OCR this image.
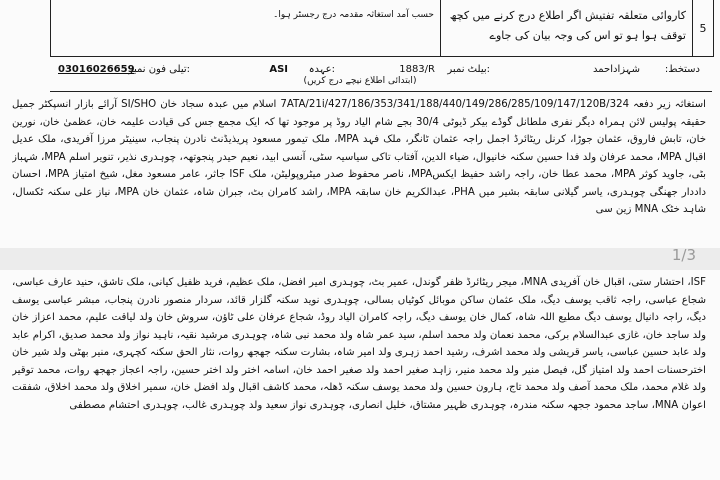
5
کاروائی متعلقہ تفتیش اگر اطلاع درج کرنے میں کچھ توقف ہوا ہو تو اس کی وجہ بیان کی جاوے
حسب آمد استغاثہ مقدمہ درج رجسٹر ہوا۔
دستخط:
شہزاداحمد
بیلٹ نمبر:
1883/R
عہدہ:
ASI
تیلی فون نمبر:
03016026659
(ابتدائی اطلاع نیچے درج کریں)

استغاثہ زیر دفعہ 7ATA/21i/427/186/353/341/188/440/149/286/285/109/147/120B/324 اسلام میں عبدہ سجاد خان SI/SHO آرائے بازار انسپکٹر جمیل حقیقہ پولیس لائن ہمراہ دیگر نفری ملطانل گوڈے بیکر ڈیوٹی 30/4 بجے شام الیاد روڈ پر موجود تھا کہ ایک مجمع جس کی قیادت علیمہ خان، عظمیٰ خان، نورین خان، تابش فاروق، عثمان جوڑا، کرنل ریٹائرڈ اجمل راجہ عثمان ٹانگر، ملک فہد MPA، ملک تیمور مسعود پریذیڈنٹ نادرن پنجاب، سینیٹر مرزا آفریدی، ملک عدیل اقبال MPA، محمد عرفان ولد فدا حسین سکنہ خانیوال، ضیاء الدین، آفتاب تاکی سیاسیہ سٹی، آنسی ابید، نعیم حیدر پنجوتھہ، چوہدری نذیر، تنویر اسلم MPA، شہباز بٹی، جاوید کوثر MPA، محمد عطا خان، راجہ راشد حفیظ ایکسMPA، ناصر محفوظ صدر میٹروپولیٹن، ملک ISF جاثر، عامر مسعود مغل، شیخ امتیاز MPA، احسان داددار جھنگی چوہدری، یاسر گیلانی سابقہ بشیر میں PHA، عبدالکریم خان سابقہ MPA، راشد کامران بٹ، جبران شاہ، عثمان خان MPA، نیاز علی سکنہ ٹکسال، شاہد خٹک MNA زین سی

1/3

ISF، احتشار ستی، اقبال خان آفریدی MNA، میجر ریٹائرڈ ظفر گوندل، عمیر بٹ، چوہدری امیر افضل، ملک عظیم، فرید ظفیل کیانی، ملک تاشق، حنید عارف عباسی، شجاع عباسی، راجہ ثاقب یوسف دیگ، ملک عثمان ساکن موبائل کوٹیاں بسالی، چوہدری نوید سکنہ گلزار قائد، سردار منصور نادرن پنجاب، مبشر عباسی یوسف دیگ، راجہ دانیال یوسف دیگ مطیع اللہ شاہ، کمال خان یوسف دیگ، راجہ کامران الیاد روڈ، شجاع عرفان علی ٹاؤن، سروش خان ولد لیاقت علیم، محمد اعزاز خان ولد ساجد خان، غازی عبدالسلام برکی، محمد نعمان ولد محمد اسلم، سید عمر شاہ ولد محمد نبی شاہ، چوہدری مرشید نقیہ، ناہید نواز ولد محمد صدیق، اکرام عابد ولد عابد حسین عباسی، یاسر قریشی ولد محمد اشرف، رشید احمد زہری ولد امیر شاہ، بشارت سکنہ جھجھ روات، نثار الحق سکنہ کچہری، منیر بھٹی ولد شیر خان اخترحسنات احمد ولد امتیاز گل، فیصل منیر ولد محمد منیر، زاہد صغیر احمد ولد صغیر احمد خان، اسامہ اختر ولد اختر حسین، راجہ اعجاز جھجھ روات، محمد توقیر ولد غلام محمد، ملک محمد آصف ولد محمد تاج، ہارون حسین ولد محمد یوسف سکنہ ڈھلہ، محمد کاشف اقبال ولد افضل خان، سمیر اخلاق ولد محمد اخلاق، شفقت اعوان MNA، ساجد محمود ججھہ سکنہ مندرہ، چوہدری ظہیر مشتاق، خلیل انصاری، چوہدری نواز سعید ولد چوہدری غالب، چوہدری احتشام مصطفی
